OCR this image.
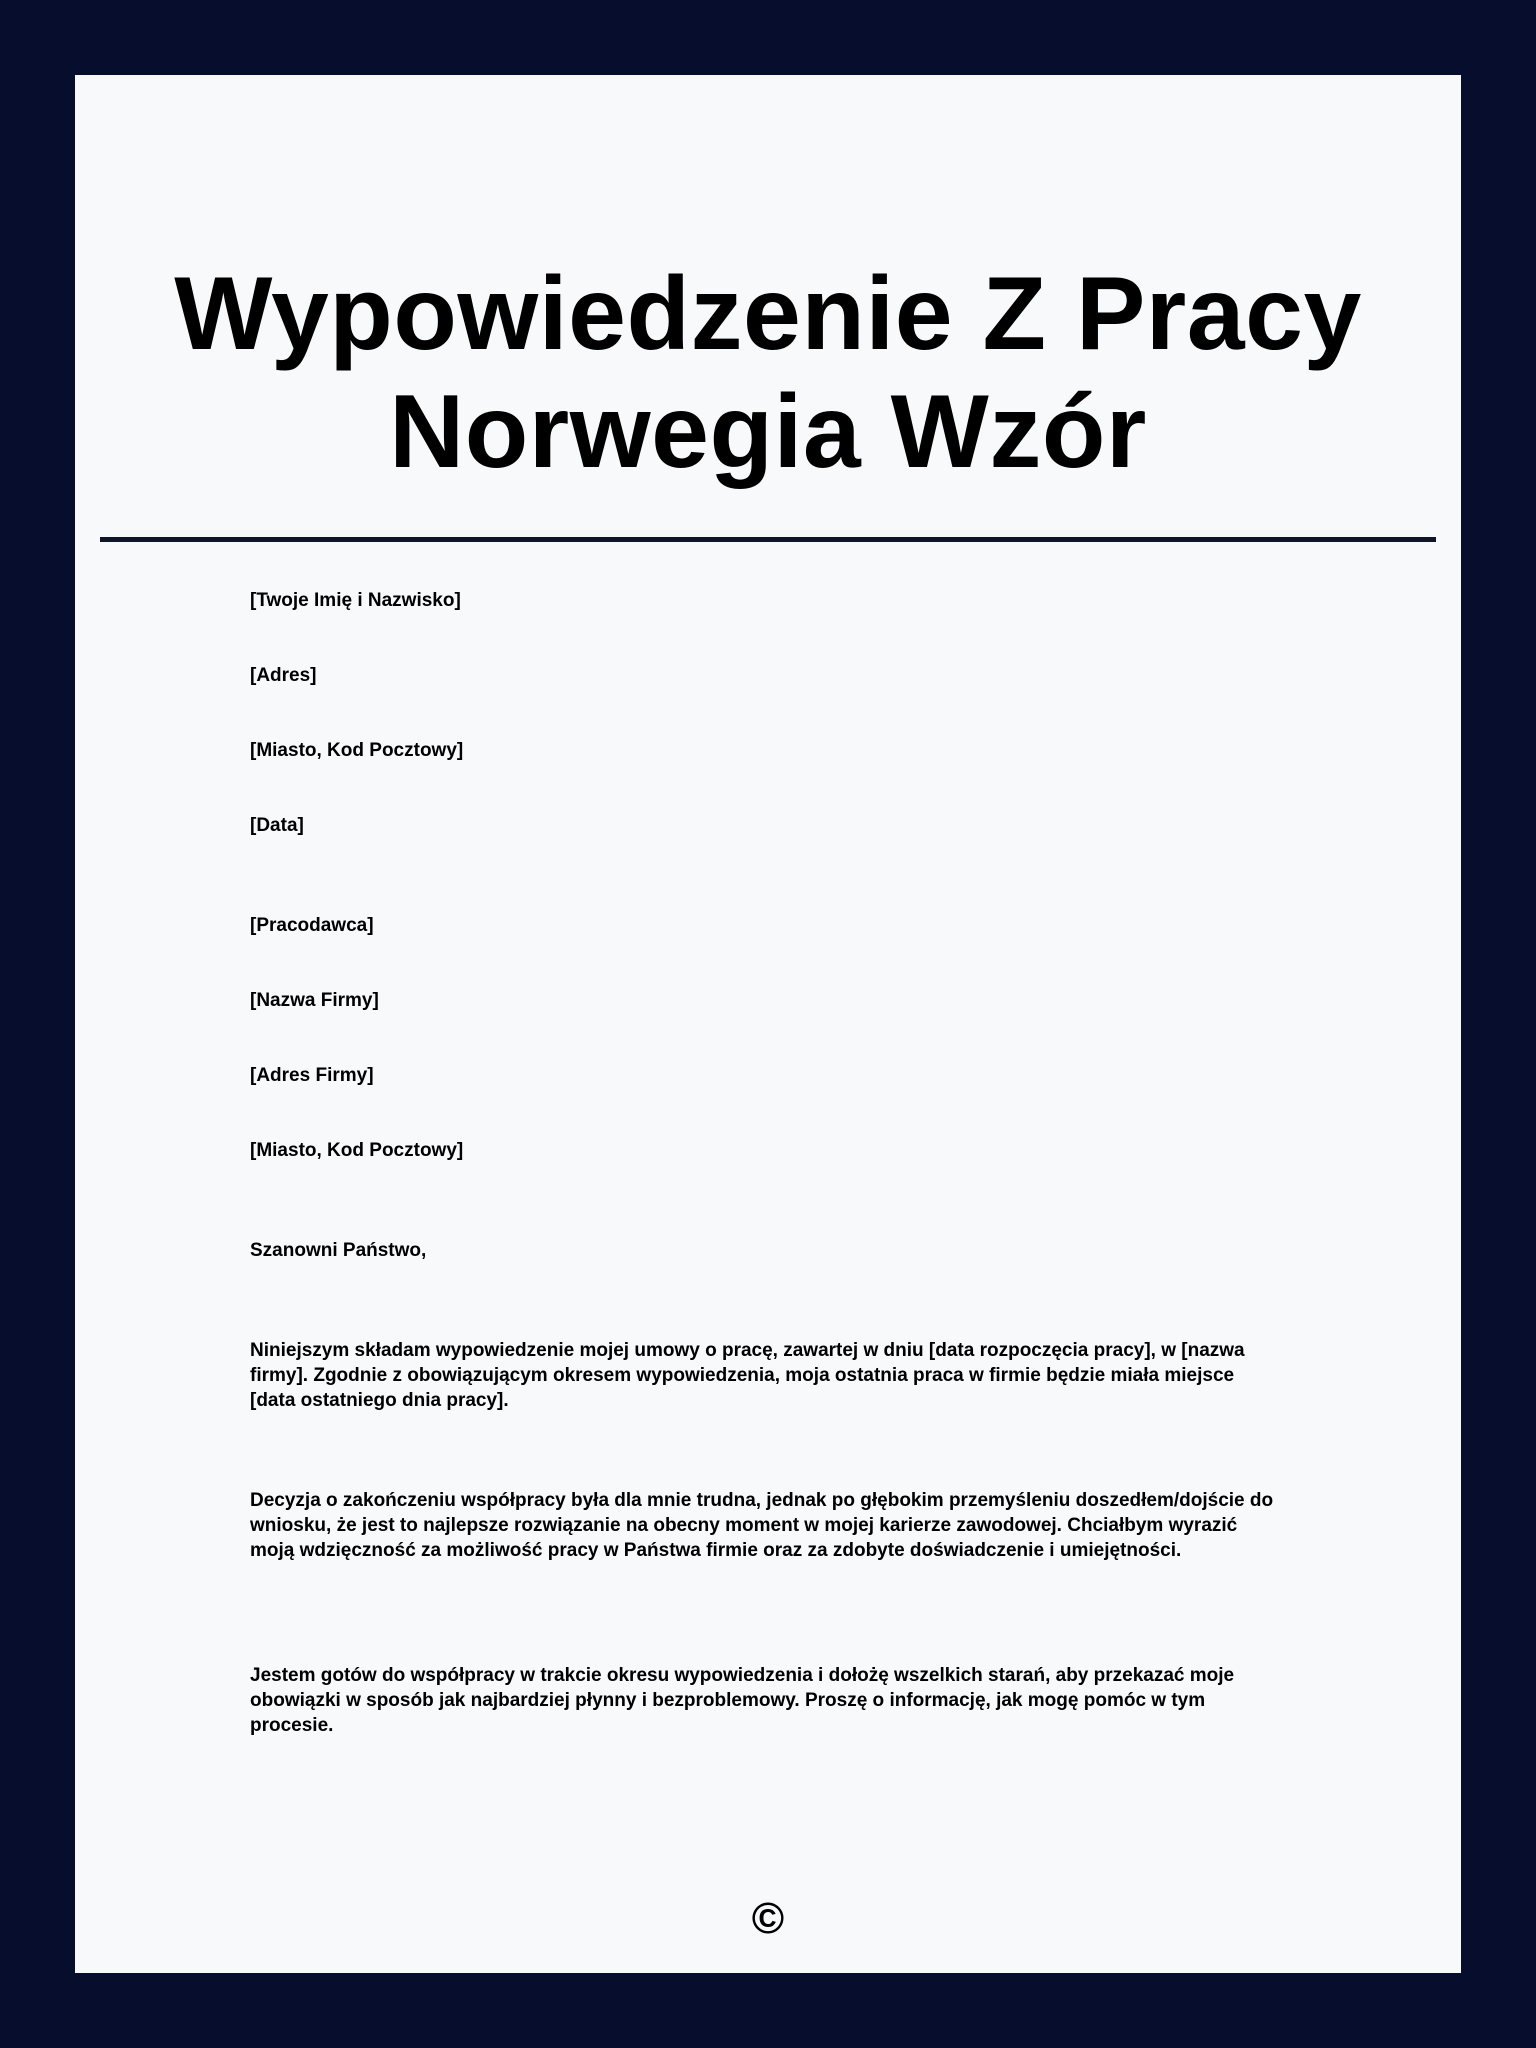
Wypowiedzenie Z Pracy
Norwegia Wzór

[Twoje Imię i Nazwisko]

[Adres]

[Miasto, Kod Pocztowy]

[Data]

[Pracodawca]

[Nazwa Firmy]

[Adres Firmy]

[Miasto, Kod Pocztowy]

Szanowni Państwo,

Niniejszym składam wypowiedzenie mojej umowy o pracę, zawartej w dniu [data rozpoczęcia pracy], w [nazwa firmy]. Zgodnie z obowiązującym okresem wypowiedzenia, moja ostatnia praca w firmie będzie miała miejsce [data ostatniego dnia pracy].

Decyzja o zakończeniu współpracy była dla mnie trudna, jednak po głębokim przemyśleniu doszedłem/dojście do wniosku, że jest to najlepsze rozwiązanie na obecny moment w mojej karierze zawodowej. Chciałbym wyrazić moją wdzięczność za możliwość pracy w Państwa firmie oraz za zdobyte doświadczenie i umiejętności.

Jestem gotów do współpracy w trakcie okresu wypowiedzenia i dołożę wszelkich starań, aby przekazać moje obowiązki w sposób jak najbardziej płynny i bezproblemowy. Proszę o informację, jak mogę pomóc w tym procesie.

©
